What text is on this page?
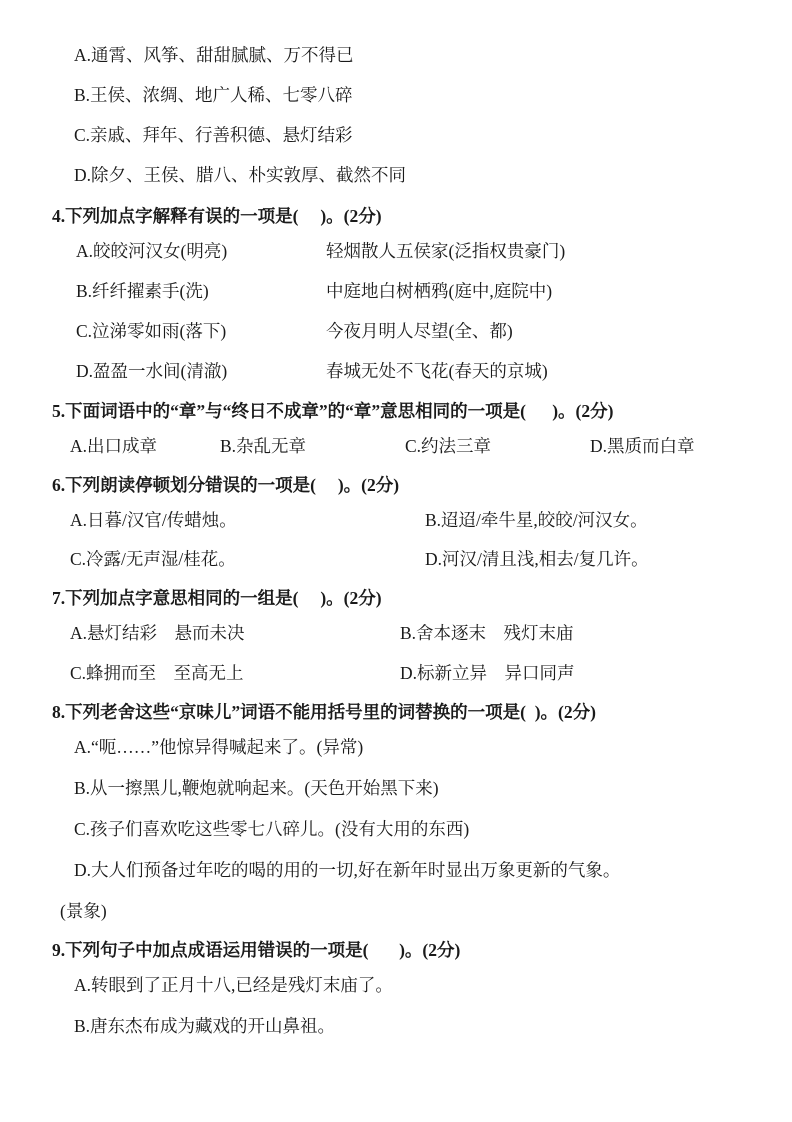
A.通霄、风筝、甜甜腻腻、万不得已
B.王侯、浓绸、地广人稀、七零八碎
C.亲戚、拜年、行善积德、悬灯结彩
D.除夕、王侯、腊八、朴实敦厚、截然不同
4.下列加点字解释有误的一项是(     )。(2分)
A.皎皎河汉女(明亮)	轻烟散人五侯家(泛指权贵豪门)
B.纤纤擢素手(洗)	中庭地白树栖鸦(庭中,庭院中)
C.泣涕零如雨(落下)	今夜月明人尽望(全、都)
D.盈盈一水间(清澈)	春城无处不飞花(春天的京城)
5.下面词语中的“章”与“终日不成章”的“章”意思相同的一项是(      )。(2分)
A.出口成章	B.杂乱无章	C.约法三章	D.黑质而白章
6.下列朗读停顿划分错误的一项是(     )。(2分)
A.日暮/汉官/传蜡烛。	B.迢迢/牵牛星,皎皎/河汉女。
C.冷露/无声湿/桂花。	D.河汉/清且浅,相去/复几许。
7.下列加点字意思相同的一组是(     )。(2分)
A.悬灯结彩    悬而未决	B.舍本逐末    残灯末庙
C.蜂拥而至    至高无上	D.标新立异    异口同声
8.下列老舍这些“京味儿”词语不能用括号里的词替换的一项是(  )。(2分)
A.“呃……”他惊异得喊起来了。(异常)
B.从一擦黑儿,鞭炮就响起来。(天色开始黑下来)
C.孩子们喜欢吃这些零七八碎儿。(没有大用的东西)
D.大人们预备过年吃的喝的用的一切,好在新年时显出万象更新的气象。
(景象)
9.下列句子中加点成语运用错误的一项是(       )。(2分)
A.转眼到了正月十八,已经是残灯末庙了。
B.唐东杰布成为藏戏的开山鼻祖。
